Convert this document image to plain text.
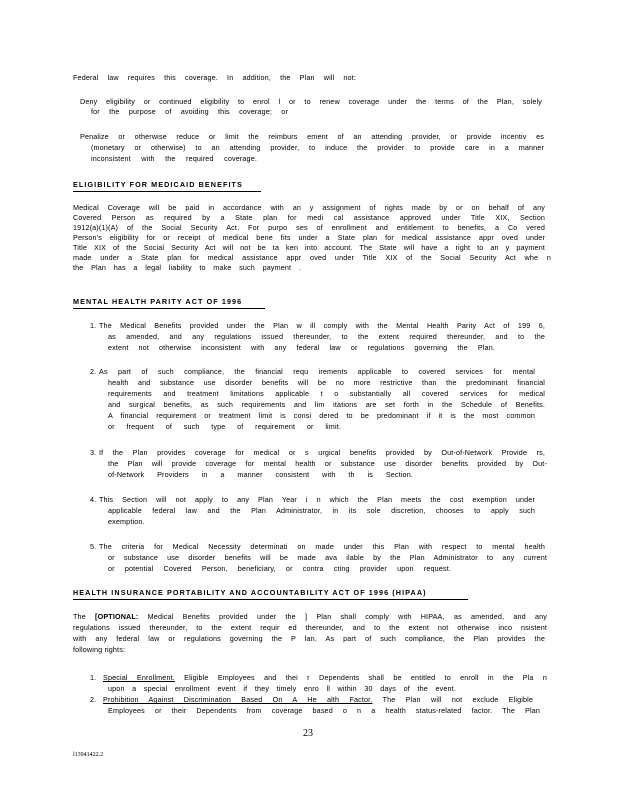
Federal law requires this coverage. In addition, the Plan will not:
Deny eligibility or continued eligibility to enrol l or to renew coverage under the terms of the Plan, solely
for the purpose of avoiding this coverage; or
Penalize or otherwise reduce or limit the reimburs ement of an attending provider, or provide incentiv es
(monetary or otherwise) to an attending provider, to induce the provider to provide care in a manner
inconsistent with the required coverage.
ELIGIBILITY FOR MEDICAID BENEFITS
Medical Coverage will be paid in accordance with an y assignment of rights made by or on behalf of any
Covered Person as required by a State plan for medi cal assistance approved under Title XIX, Section
1912(a)(1)(A) of the Social Security Act. For purpo ses of enrollment and entitlement to benefits, a Co vered
Person's eligibility for or receipt of medical bene fits under a State plan for medical assistance appr oved under
Title XIX of the Social Security Act will not be ta ken into account. The State will have a right to an y payment
made under a State plan for medical assistance appr oved under Title XIX of the Social Security Act whe n
the Plan has a legal liability to make such payment .
MENTAL HEALTH PARITY ACT OF 1996
1. The Medical Benefits provided under the Plan w ill comply with the Mental Health Parity Act of 199 6,
as amended, and any regulations issued thereunder, to the extent required thereunder, and to the
extent not otherwise inconsistent with any federal law or regulations governing the Plan.
2. As part of such compliance, the financial requ irements applicable to covered services for mental
health and substance use disorder benefits will be no more restrictive than the predominant financial
requirements and treatment limitations applicable t o substantially all covered services for medical
and surgical benefits, as such requirements and lim itations are set forth in the Schedule of Benefits.
A financial requirement or treatment limit is consi dered to be predominant if it is the most common
or frequent of such type of requirement or limit.
3. If the Plan provides coverage for medical or s urgical benefits provided by Out-of-Network Provide rs,
the Plan will provide coverage for mental health or substance use disorder benefits provided by Out-
of-Network Providers in a manner consistent with th is Section.
4. This Section will not apply to any Plan Year i n which the Plan meets the cost exemption under
applicable federal law and the Plan Administrator, in its sole discretion, chooses to apply such
exemption.
5. The criteria for Medical Necessity determinati on made under this Plan with respect to mental health
or substance use disorder benefits will be made ava ilable by the Plan Administrator to any current
or potential Covered Person, beneficiary, or contra cting provider upon request.
HEALTH INSURANCE PORTABILITY AND ACCOUNTABILITY ACT OF 1996 (HIPAA)
The [OPTIONAL: Medical Benefits provided under the ] Plan shall comply with HIPAA, as amended, and any
regulations issued thereunder, to the extent requir ed thereunder, and to the extent not otherwise inco nsistent
with any federal law or regulations governing the P lan. As part of such compliance, the Plan provides the
following rights:
1. Special Enrollment. Eligible Employees and thei r Dependents shall be entitled to enroll in the Pla n
upon a special enrollment event if they timely enro ll within 30 days of the event.
2. Prohibition Against Discrimination Based On A He alth Factor. The Plan will not exclude Eligible
Employees or their Dependents from coverage based o n a health status-related factor. The Plan
23
l13941422.2
